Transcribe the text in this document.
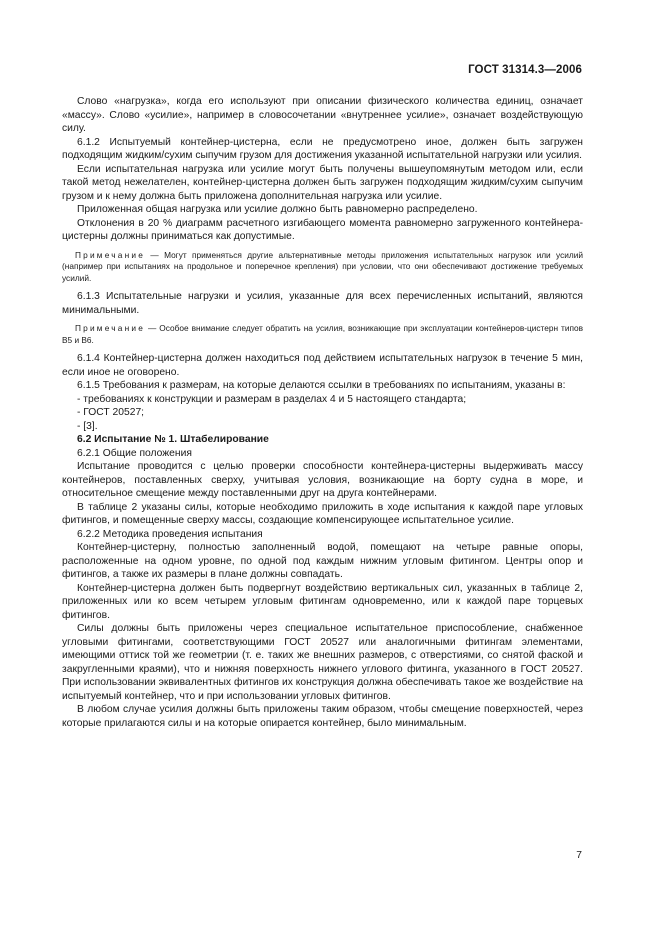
ГОСТ 31314.3—2006

Слово «нагрузка», когда его используют при описании физического количества единиц, означает «массу». Слово «усилие», например в словосочетании «внутреннее усилие», означает воздействующую силу.

6.1.2 Испытуемый контейнер-цистерна, если не предусмотрено иное, должен быть загружен подходящим жидким/сухим сыпучим грузом для достижения указанной испытательной нагрузки или усилия.

Если испытательная нагрузка или усилие могут быть получены вышеупомянутым методом или, если такой метод нежелателен, контейнер-цистерна должен быть загружен подходящим жидким/сухим сыпучим грузом и к нему должна быть приложена дополнительная нагрузка или усилие.

Приложенная общая нагрузка или усилие должно быть равномерно распределено.

Отклонения в 20 % диаграмм расчетного изгибающего момента равномерно загруженного контейнера-цистерны должны приниматься как допустимые.

Примечание — Могут применяться другие альтернативные методы приложения испытательных нагрузок или усилий (например при испытаниях на продольное и поперечное крепления) при условии, что они обеспечивают достижение требуемых усилий.

6.1.3 Испытательные нагрузки и усилия, указанные для всех перечисленных испытаний, являются минимальными.

Примечание — Особое внимание следует обратить на усилия, возникающие при эксплуатации контейнеров-цистерн типов В5 и В6.

6.1.4 Контейнер-цистерна должен находиться под действием испытательных нагрузок в течение 5 мин, если иное не оговорено.

6.1.5 Требования к размерам, на которые делаются ссылки в требованиях по испытаниям, указаны в:

- требованиях к конструкции и размерам в разделах 4 и 5 настоящего стандарта;

- ГОСТ 20527;

- [3].

6.2 Испытание № 1. Штабелирование

6.2.1 Общие положения

Испытание проводится с целью проверки способности контейнера-цистерны выдерживать массу контейнеров, поставленных сверху, учитывая условия, возникающие на борту судна в море, и относительное смещение между поставленными друг на друга контейнерами.

В таблице 2 указаны силы, которые необходимо приложить в ходе испытания к каждой паре угловых фитингов, и помещенные сверху массы, создающие компенсирующее испытательное усилие.

6.2.2 Методика проведения испытания

Контейнер-цистерну, полностью заполненный водой, помещают на четыре равные опоры, расположенные на одном уровне, по одной под каждым нижним угловым фитингом. Центры опор и фитингов, а также их размеры в плане должны совпадать.

Контейнер-цистерна должен быть подвергнут воздействию вертикальных сил, указанных в таблице 2, приложенных или ко всем четырем угловым фитингам одновременно, или к каждой паре торцевых фитингов.

Силы должны быть приложены через специальное испытательное приспособление, снабженное угловыми фитингами, соответствующими ГОСТ 20527 или аналогичными фитингам элементами, имеющими оттиск той же геометрии (т. е. таких же внешних размеров, с отверстиями, со снятой фаской и закругленными краями), что и нижняя поверхность нижнего углового фитинга, указанного в ГОСТ 20527. При использовании эквивалентных фитингов их конструкция должна обеспечивать такое же воздействие на испытуемый контейнер, что и при использовании угловых фитингов.

В любом случае усилия должны быть приложены таким образом, чтобы смещение поверхностей, через которые прилагаются силы и на которые опирается контейнер, было минимальным.

7
